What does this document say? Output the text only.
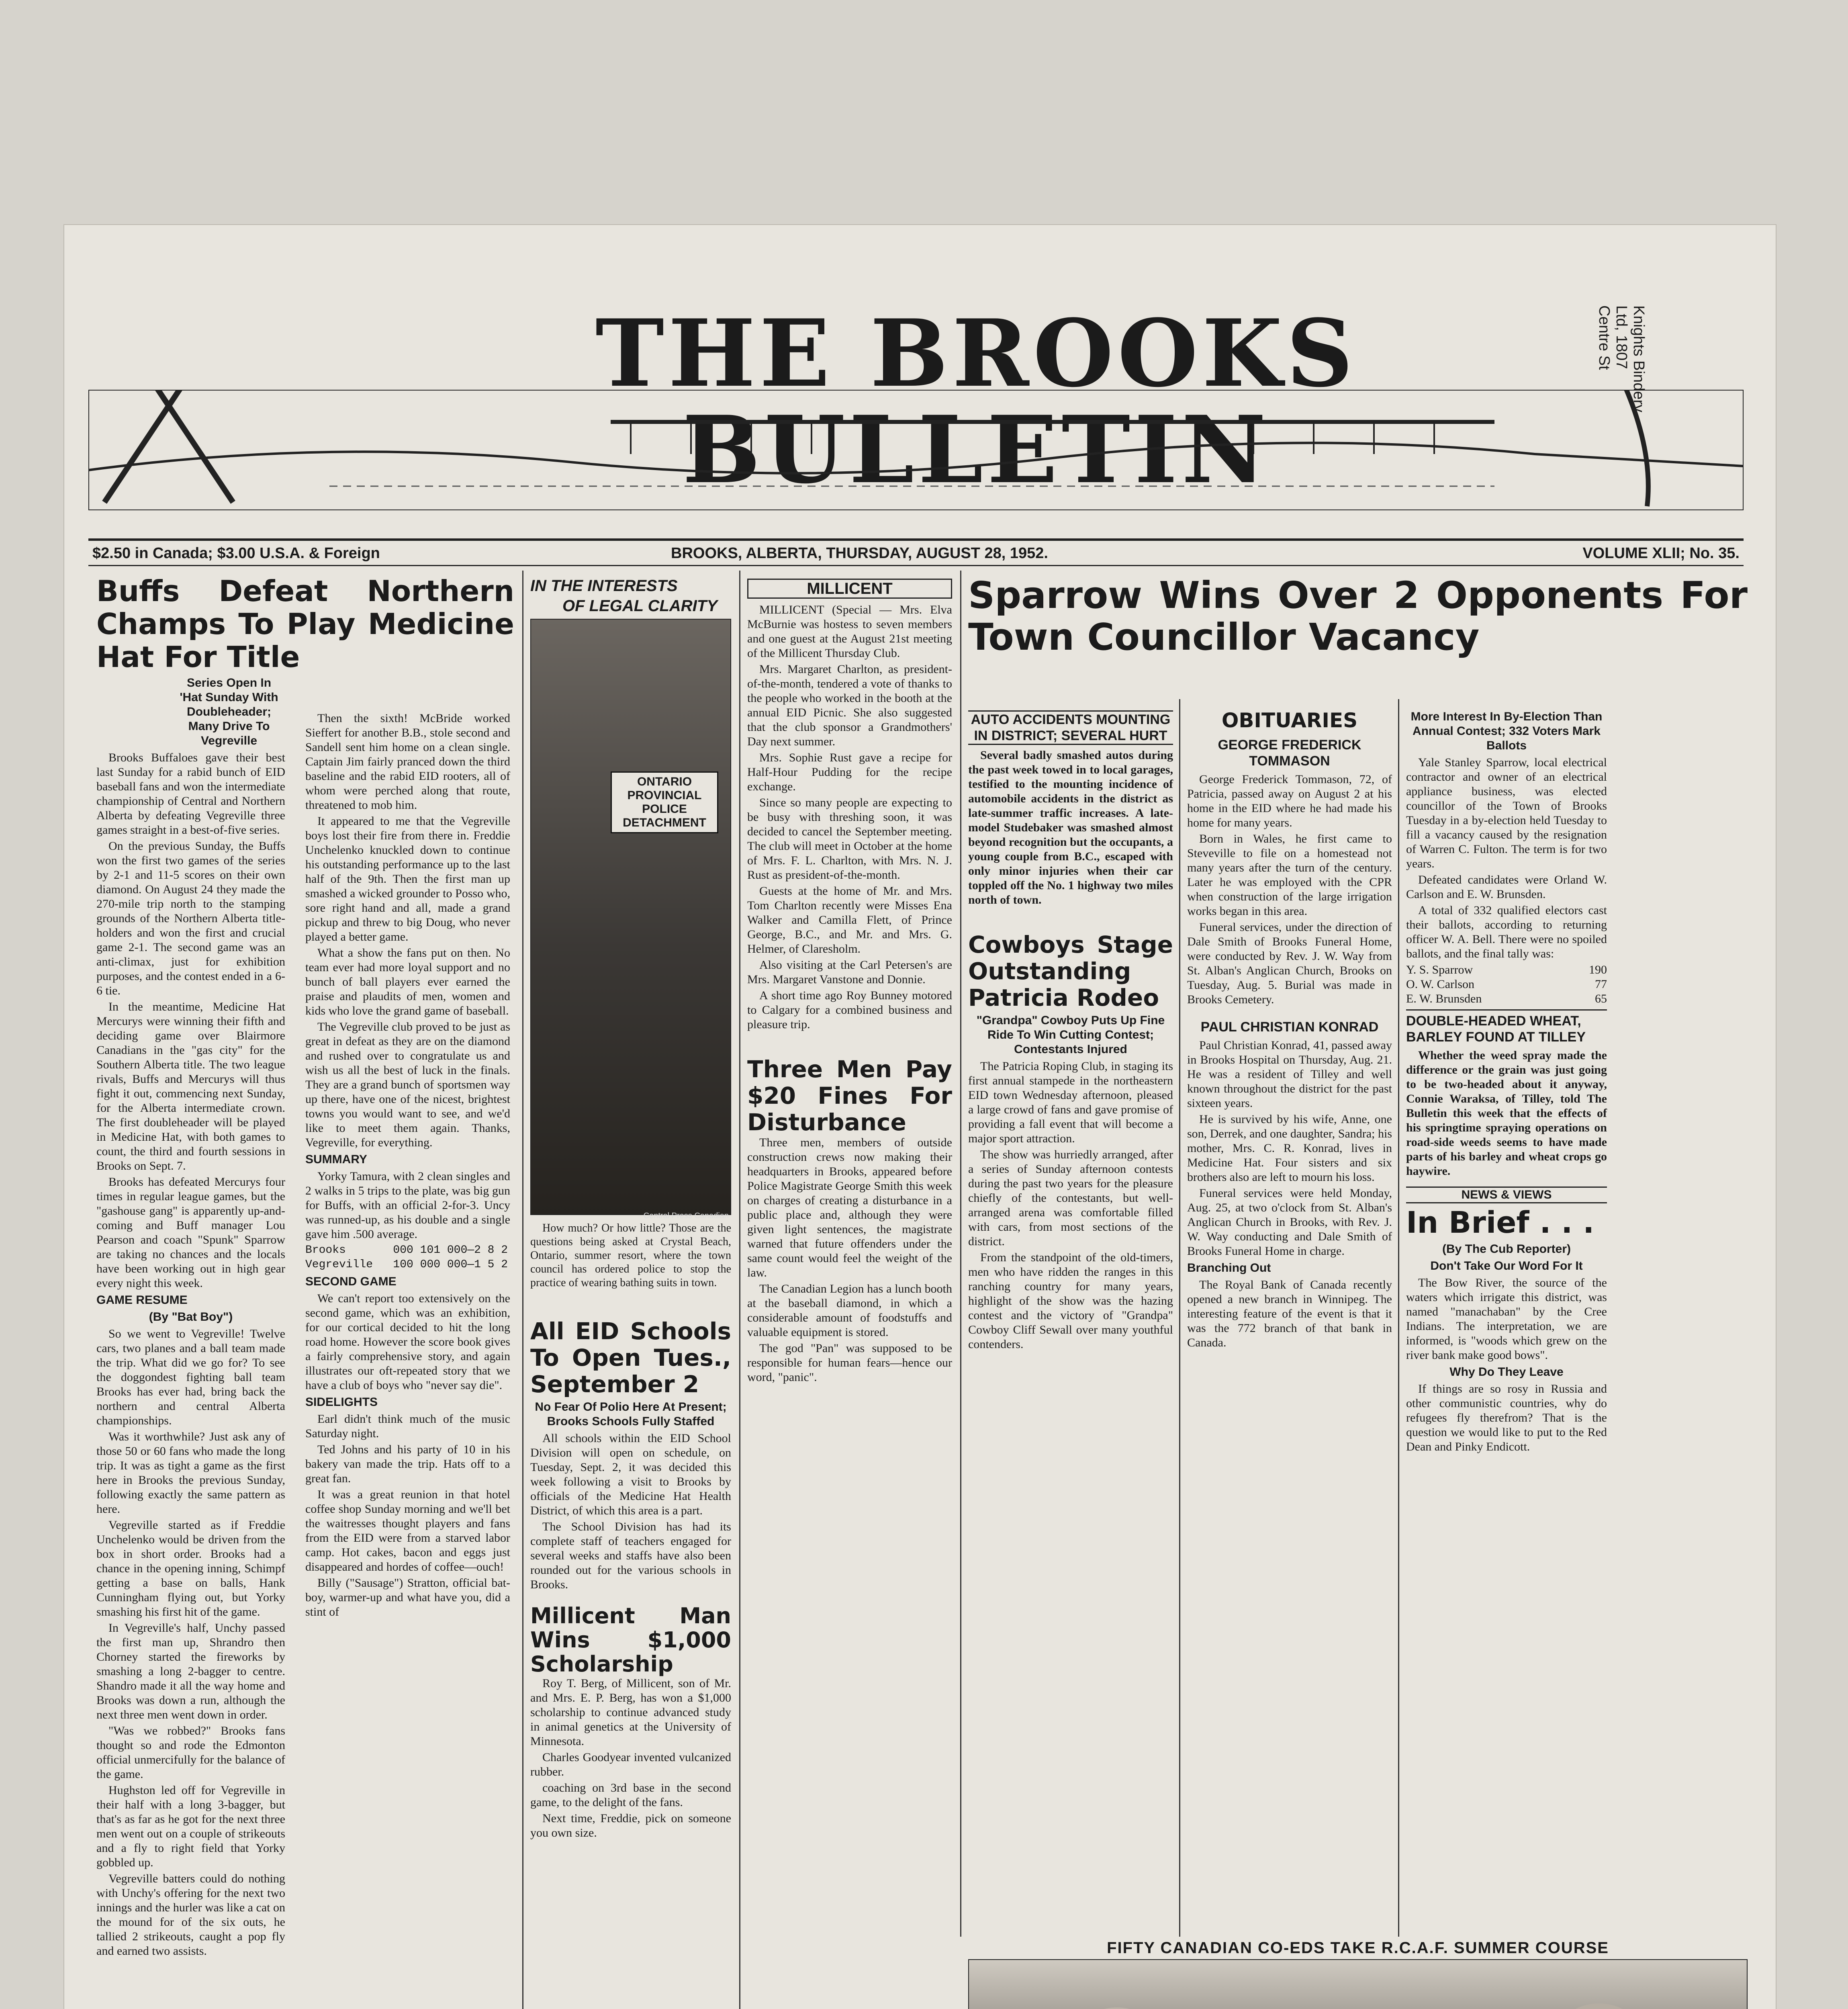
THE BROOKS BULLETIN
Knights Bindery Ltd, 1807 Centre St
$2.50 in Canada; $3.00 U.S.A. & Foreign	BROOKS, ALBERTA, THURSDAY, AUGUST 28, 1952.	VOLUME XLII; No. 35.
Buffs Defeat Northern Champs To Play Medicine Hat For Title
Series Open In 'Hat Sunday With Doubleheader; Many Drive To Vegreville

Brooks Buffaloes gave their best last Sunday for a rabid bunch of EID baseball fans and won the intermediate championship of Central and Northern Alberta by defeating Vegreville three games straight in a best-of-five series.

On the previous Sunday, the Buffs won the first two games of the series by 2-1 and 11-5 scores on their own diamond. On August 24 they made the 270-mile trip north to the stamping grounds of the Northern Alberta title-holders and won the first and crucial game 2-1. The second game was an anti-climax, just for exhibition purposes, and the contest ended in a 6-6 tie.

In the meantime, Medicine Hat Mercurys were winning their fifth and deciding game over Blairmore Canadians in the "gas city" for the Southern Alberta title. The two league rivals, Buffs and Mercurys will thus fight it out, commencing next Sunday, for the Alberta intermediate crown. The first doubleheader will be played in Medicine Hat, with both games to count, the third and fourth sessions in Brooks on Sept. 7.

Brooks has defeated Mercurys four times in regular league games, but the "gashouse gang" is apparently up-and-coming and Buff manager Lou Pearson and coach "Spunk" Sparrow are taking no chances and the locals have been working out in high gear every night this week.

GAME RESUME
(By "Bat Boy")

So we went to Vegreville! Twelve cars, two planes and a ball team made the trip. What did we go for? To see the doggondest fighting ball team Brooks has ever had, bring back the northern and central Alberta championships.

Was it worthwhile? Just ask any of those 50 or 60 fans who made the long trip. It was as tight a game as the first here in Brooks the previous Sunday, following exactly the same pattern as here.

Vegreville started as if Freddie Unchelenko would be driven from the box in short order. Brooks had a chance in the opening inning, Schimpf getting a base on balls, Hank Cunningham flying out, but Yorky smashing his first hit of the game.

In Vegreville's half, Unchy passed the first man up, Shrandro then Chorney started the fireworks by smashing a long 2-bagger to centre. Shandro made it all the way home and Brooks was down a run, although the next three men went down in order.

"Was we robbed?" Brooks fans thought so and rode the Edmonton official unmercifully for the balance of the game.

Hughston led off for Vegreville in their half with a long 3-bagger, but that's as far as he got for the next three men went out on a couple of strikeouts and a fly to right field that Yorky gobbled up.

Vegreville batters could do nothing with Unchy's offering for the next two innings and the hurler was like a cat on the mound for of the six outs, he tallied 2 strikeouts, caught a pop fly and earned two assists.

Then the sixth! McBride worked Sieffert for another B.B., stole second and Sandell sent him home on a clean single. Captain Jim fairly pranced down the third baseline and the rabid EID rooters, all of whom were perched along that route, threatened to mob him.

It appeared to me that the Vegreville boys lost their fire from there in. Freddie Unchelenko knuckled down to continue his outstanding performance up to the last half of the 9th. Then the first man up smashed a wicked grounder to Posso who, sore right hand and all, made a grand pickup and threw to big Doug, who never played a better game.

What a show the fans put on then. No team ever had more loyal support and no bunch of ball players ever earned the praise and plaudits of men, women and kids who love the grand game of baseball.

The Vegreville club proved to be just as great in defeat as they are on the diamond and rushed over to congratulate us and wish us all the best of luck in the finals. They are a grand bunch of sportsmen way up there, have one of the nicest, brightest towns you would want to see, and we'd like to meet them again. Thanks, Vegreville, for everything.

SUMMARY

Yorky Tamura, with 2 clean singles and 2 walks in 5 trips to the plate, was big gun for Buffs, with an official 2-for-3. Uncy was runned-up, as his double and a single gave him .500 average.

Brooks       000 101 000—2 8 2
Vegreville   100 000 000—1 5 2
SECOND GAME

We can't report too extensively on the second game, which was an exhibition, for our cortical decided to hit the long road home. However the score book gives a fairly comprehensive story, and again illustrates our oft-repeated story that we have a club of boys who "never say die".

SIDELIGHTS

Earl didn't think much of the music Saturday night.

Ted Johns and his party of 10 in his bakery van made the trip. Hats off to a great fan.

It was a great reunion in that hotel coffee shop Sunday morning and we'll bet the waitresses thought players and fans from the EID were from a starved labor camp. Hot cakes, bacon and eggs just disappeared and hordes of coffee—ouch!

Billy ("Sausage") Stratton, official bat-boy, warmer-up and what have you, did a stint of

IN THE INTERESTS
OF LEGAL CLARITY
ONTARIO
PROVINCIAL
POLICE
DETACHMENT
Central Press Canadian

How much? Or how little? Those are the questions being asked at Crystal Beach, Ontario, summer resort, where the town council has ordered police to stop the practice of wearing bathing suits in town.

All EID Schools To Open Tues., September 2
No Fear Of Polio Here At Present; Brooks Schools Fully Staffed

All schools within the EID School Division will open on schedule, on Tuesday, Sept. 2, it was decided this week following a visit to Brooks by officials of the Medicine Hat Health District, of which this area is a part.

The School Division has had its complete staff of teachers engaged for several weeks and staffs have also been rounded out for the various schools in Brooks.

Millicent Man Wins $1,000 Scholarship

Roy T. Berg, of Millicent, son of Mr. and Mrs. E. P. Berg, has won a $1,000 scholarship to continue advanced study in animal genetics at the University of Minnesota.

Charles Goodyear invented vulcanized rubber.

coaching on 3rd base in the second game, to the delight of the fans.

Next time, Freddie, pick on someone you own size.

MILLICENT

MILLICENT (Special — Mrs. Elva McBurnie was hostess to seven members and one guest at the August 21st meeting of the Millicent Thursday Club.

Mrs. Margaret Charlton, as president-of-the-month, tendered a vote of thanks to the people who worked in the booth at the annual EID Picnic. She also suggested that the club sponsor a Grandmothers' Day next summer.

Mrs. Sophie Rust gave a recipe for Half-Hour Pudding for the recipe exchange.

Since so many people are expecting to be busy with threshing soon, it was decided to cancel the September meeting. The club will meet in October at the home of Mrs. F. L. Charlton, with Mrs. N. J. Rust as president-of-the-month.

Guests at the home of Mr. and Mrs. Tom Charlton recently were Misses Ena Walker and Camilla Flett, of Prince George, B.C., and Mr. and Mrs. G. Helmer, of Claresholm.

Also visiting at the Carl Petersen's are Mrs. Margaret Vanstone and Donnie.

A short time ago Roy Bunney motored to Calgary for a combined business and pleasure trip.

Three Men Pay $20 Fines For Disturbance

Three men, members of outside construction crews now making their headquarters in Brooks, appeared before Police Magistrate George Smith this week on charges of creating a disturbance in a public place and, although they were given light sentences, the magistrate warned that future offenders under the same count would feel the weight of the law.

The Canadian Legion has a lunch booth at the baseball diamond, in which a considerable amount of foodstuffs and valuable equipment is stored.

The god "Pan" was supposed to be responsible for human fears—hence our word, "panic".

Sparrow Wins Over 2 Opponents For Town Councillor Vacancy
AUTO ACCIDENTS MOUNTING IN DISTRICT; SEVERAL HURT

Several badly smashed autos during the past week towed in to local garages, testified to the mounting incidence of automobile accidents in the district as late-summer traffic increases. A late-model Studebaker was smashed almost beyond recognition but the occupants, a young couple from B.C., escaped with only minor injuries when their car toppled off the No. 1 highway two miles north of town.

Cowboys Stage Outstanding Patricia Rodeo
"Grandpa" Cowboy Puts Up Fine Ride To Win Cutting Contest; Contestants Injured

The Patricia Roping Club, in staging its first annual stampede in the northeastern EID town Wednesday afternoon, pleased a large crowd of fans and gave promise of providing a fall event that will become a major sport attraction.

The show was hurriedly arranged, after a series of Sunday afternoon contests during the past two years for the pleasure chiefly of the contestants, but well-arranged arena was comfortable filled with cars, from most sections of the district.

From the standpoint of the old-timers, men who have ridden the ranges in this ranching country for many years, highlight of the show was the hazing contest and the victory of "Grandpa" Cowboy Cliff Sewall over many youthful contenders.

OBITUARIES
GEORGE FREDERICK TOMMASON

George Frederick Tommason, 72, of Patricia, passed away on August 2 at his home in the EID where he had made his home for many years.

Born in Wales, he first came to Steveville to file on a homestead not many years after the turn of the century. Later he was employed with the CPR when construction of the large irrigation works began in this area.

Funeral services, under the direction of Dale Smith of Brooks Funeral Home, were conducted by Rev. J. W. Way from St. Alban's Anglican Church, Brooks on Tuesday, Aug. 5. Burial was made in Brooks Cemetery.

PAUL CHRISTIAN KONRAD

Paul Christian Konrad, 41, passed away in Brooks Hospital on Thursday, Aug. 21. He was a resident of Tilley and well known throughout the district for the past sixteen years.

He is survived by his wife, Anne, one son, Derrek, and one daughter, Sandra; his mother, Mrs. C. R. Konrad, lives in Medicine Hat. Four sisters and six brothers also are left to mourn his loss.

Funeral services were held Monday, Aug. 25, at two o'clock from St. Alban's Anglican Church in Brooks, with Rev. J. W. Way conducting and Dale Smith of Brooks Funeral Home in charge.

Branching Out

The Royal Bank of Canada recently opened a new branch in Winnipeg. The interesting feature of the event is that it was the 772 branch of that bank in Canada.

More Interest In By-Election Than Annual Contest; 332 Voters Mark Ballots

Yale Stanley Sparrow, local electrical contractor and owner of an electrical appliance business, was elected councillor of the Town of Brooks Tuesday in a by-election held Tuesday to fill a vacancy caused by the resignation of Warren C. Fulton. The term is for two years.

Defeated candidates were Orland W. Carlson and E. W. Brunsden.

A total of 332 qualified electors cast their ballots, according to returning officer W. A. Bell. There were no spoiled ballots, and the final tally was:

Y. S. Sparrow	190
O. W. Carlson	77
E. W. Brunsden	65
DOUBLE-HEADED WHEAT, BARLEY FOUND AT TILLEY

Whether the weed spray made the difference or the grain was just going to be two-headed about it anyway, Connie Waraksa, of Tilley, told The Bulletin this week that the effects of his springtime spraying operations on road-side weeds seems to have made parts of his barley and wheat crops go haywire.

NEWS & VIEWS
In Brief . . .
(By The Cub Reporter)
Don't Take Our Word For It

The Bow River, the source of the waters which irrigate this district, was named "manachaban" by the Cree Indians. The interpretation, we are informed, is "woods which grew on the river bank make good bows".

Why Do They Leave

If things are so rosy in Russia and other communistic countries, why do refugees fly therefrom? That is the question we would like to put to the Red Dean and Pinky Endicott.

FIFTY CANADIAN CO-EDS TAKE R.C.A.F. SUMMER COURSE
